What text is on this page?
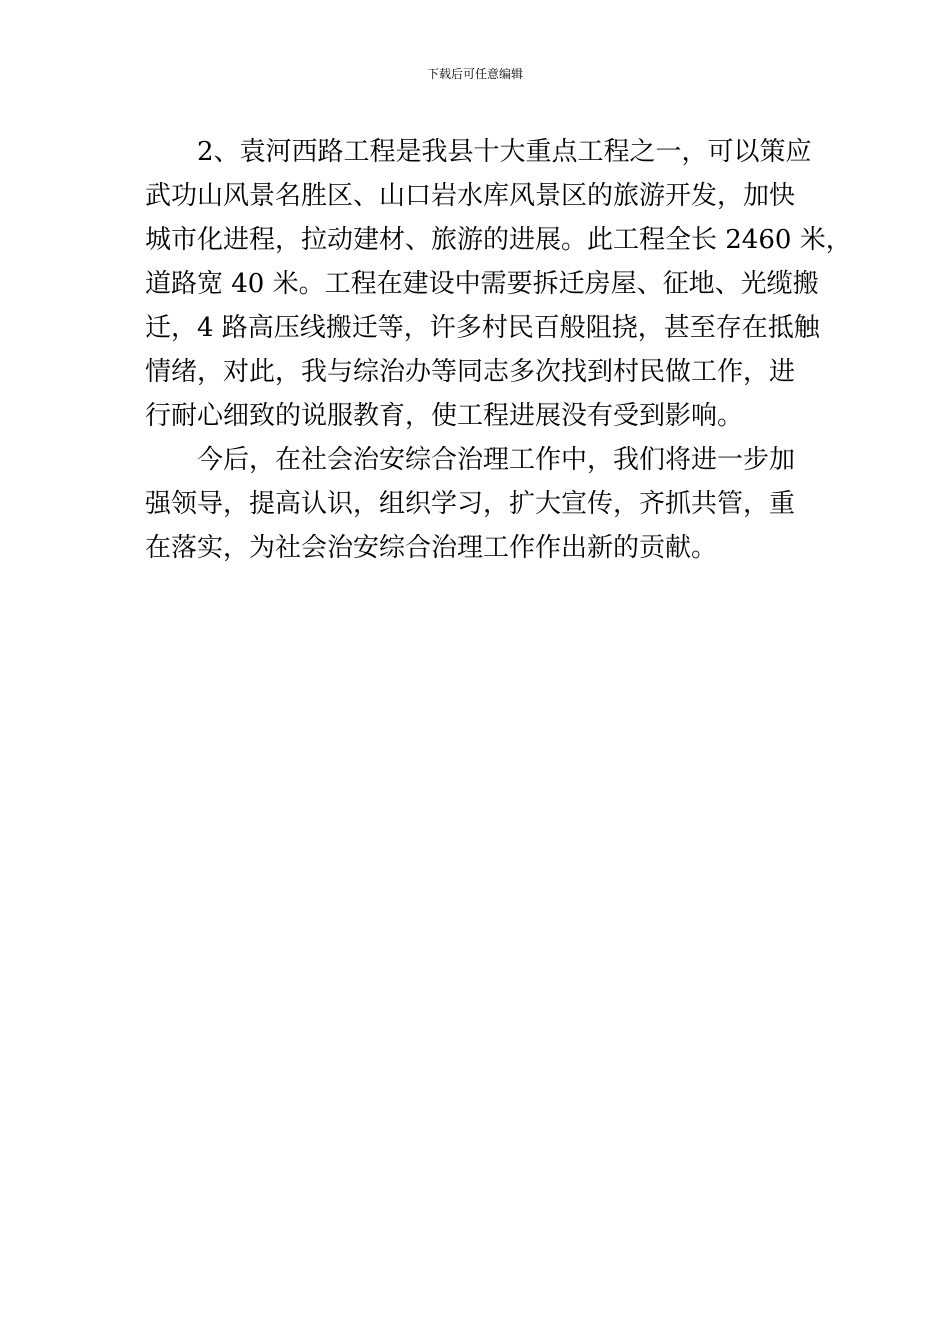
下载后可任意编辑
2、袁河西路工程是我县十大重点工程之一，可以策应
武功山风景名胜区、山口岩水库风景区的旅游开发，加快
城市化进程，拉动建材、旅游的进展。此工程全长 2460 米，
道路宽 40 米。工程在建设中需要拆迁房屋、征地、光缆搬
迁，4 路高压线搬迁等，许多村民百般阻挠，甚至存在抵触
情绪，对此，我与综治办等同志多次找到村民做工作，进
行耐心细致的说服教育，使工程进展没有受到影响。
今后，在社会治安综合治理工作中，我们将进一步加
强领导，提高认识，组织学习，扩大宣传，齐抓共管，重
在落实，为社会治安综合治理工作作出新的贡献。
